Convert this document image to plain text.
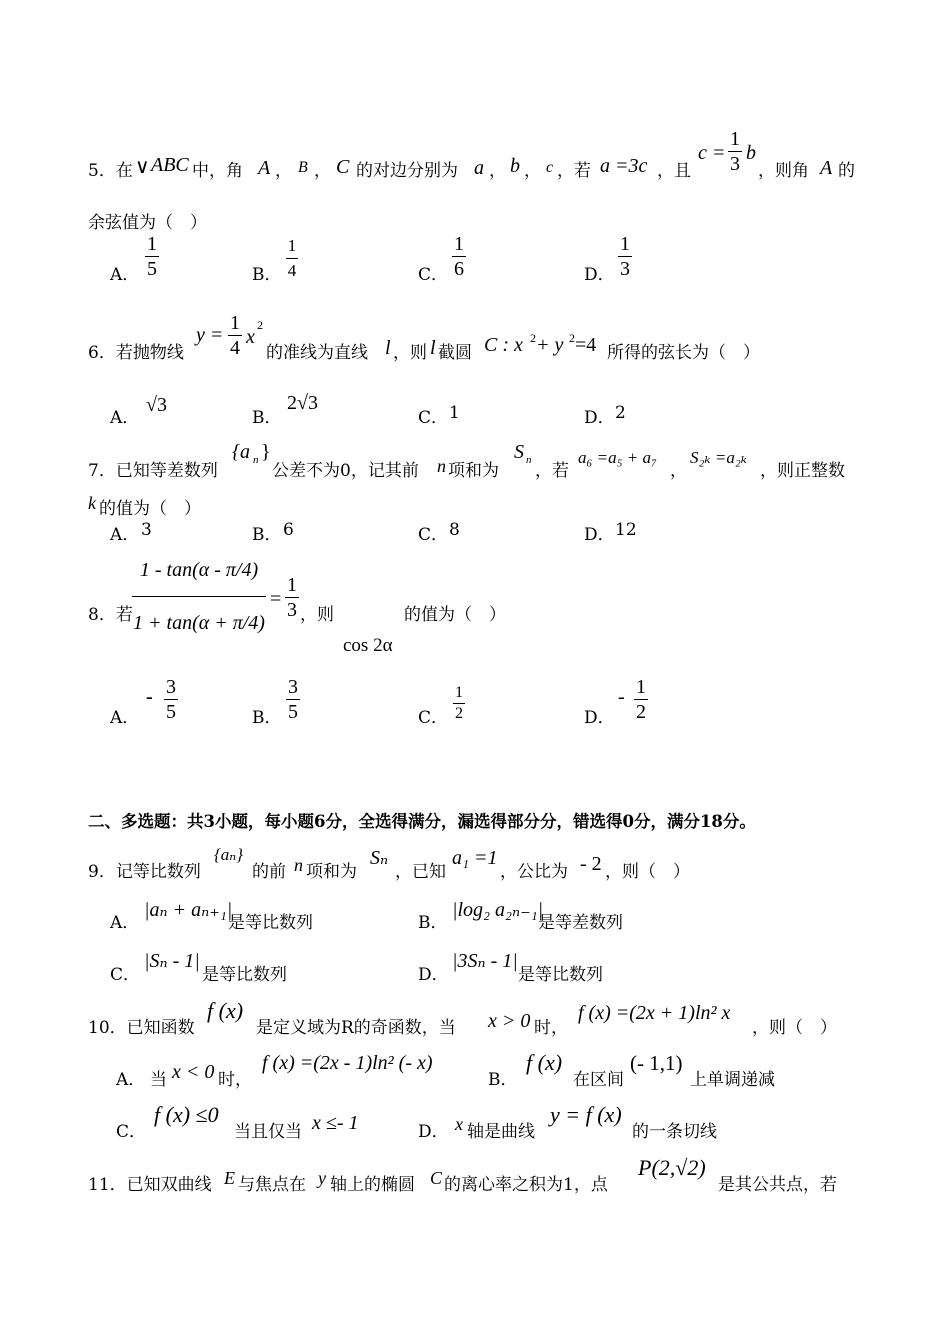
5．在 ∨ ABC 中，角 A ， B ， C 的对边分别为 a ， b ， c ，若 a =3c ，且
c =
1
3 b
，则角 A 的
余弦值为（　）
A．
1
5	B．
1
4	C．
1
6	D．
1
3
6．若抛物线
y =
1
4 x
2
的准线为直线 l ，则 l 截圆 C : x 2 + y 2 =4 所得的弦长为（　）
A．
√3
B．
2√3
C． 1	D． 2
7．已知等差数列
{a n }
公差不为0，记其前 n 项和为
S n
，若
a₆ =a₅ + a₇
，
S₂ₖ =a₂ₖ
，则正整数
k 的值为（　）
A． 3	B． 6	C． 8	D． 12
8．若
1 - tan(α - π/4)
1 + tan(α + π/4)
=
1
3 ，则	的值为（　）
cos 2α
A．
- 3
5	B．
3
5	C．
1
2	D．
- 1
2
二、多选题：共3小题，每小题6分，全选得满分，漏选得部分分，错选得0分，满分18分。
9．记等比数列
{aₙ}
的前 n 项和为
Sₙ
，已知
a₁ =1
，公比为 - 2 ，则（　）
A．
|aₙ + aₙ₊₁|
是等比数列	B．
|log₂ a₂ₙ₋₁|
是等差数列
C．
|Sₙ - 1|
是等比数列	D．
|3Sₙ - 1|
是等比数列
10．已知函数
f (x)
是定义域为R的奇函数，当 x > 0 时，
f (x) =(2x + 1)ln² x
，则（　）
A． 当 x < 0 时，
f (x) =(2x - 1)ln² (- x)
B．
f (x)
在区间
(- 1,1)
上单调递减
C．
f (x) ≤0
当且仅当 x ≤- 1	D． x 轴是曲线
y = f (x)
的一条切线
11．已知双曲线 E 与焦点在 y 轴上的椭圆 C 的离心率之积为1，点
P(2,√2)
是其公共点，若
